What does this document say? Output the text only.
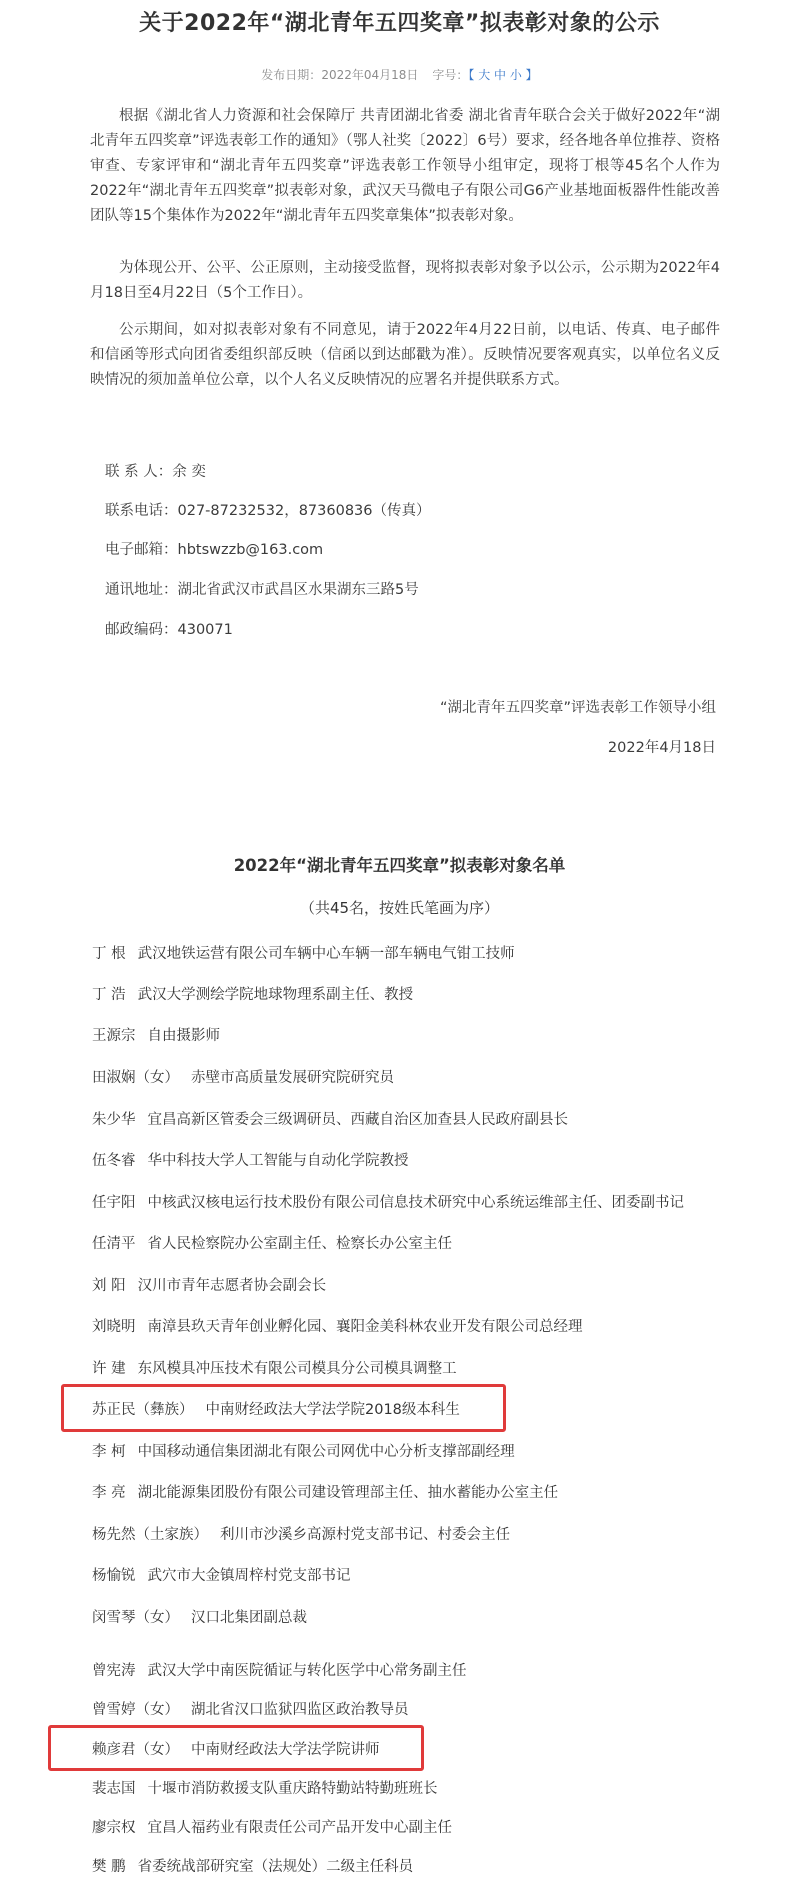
关于2022年“湖北青年五四奖章”拟表彰对象的公示
发布日期：2022年04月18日 字号：【 大 中 小 】

根据《湖北省人力资源和社会保障厅 共青团湖北省委 湖北省青年联合会关于做好2022年“湖北青年五四奖章”评选表彰工作的通知》（鄂人社奖〔2022〕6号）要求，经各地各单位推荐、资格审查、专家评审和“湖北青年五四奖章”评选表彰工作领导小组审定，现将丁根等45名个人作为2022年“湖北青年五四奖章”拟表彰对象，武汉天马微电子有限公司G6产业基地面板器件性能改善团队等15个集体作为2022年“湖北青年五四奖章集体”拟表彰对象。

为体现公开、公平、公正原则，主动接受监督，现将拟表彰对象予以公示，公示期为2022年4月18日至4月22日（5个工作日）。

公示期间，如对拟表彰对象有不同意见，请于2022年4月22日前，以电话、传真、电子邮件和信函等形式向团省委组织部反映（信函以到达邮戳为准）。反映情况要客观真实，以单位名义反映情况的须加盖单位公章，以个人名义反映情况的应署名并提供联系方式。

联 系 人：余 奕
联系电话：027-87232532，87360836（传真）
电子邮箱：hbtswzzb@163.com
通讯地址：湖北省武汉市武昌区水果湖东三路5号
邮政编码：430071
“湖北青年五四奖章”评选表彰工作领导小组
2022年4月18日
2022年“湖北青年五四奖章”拟表彰对象名单
（共45名，按姓氏笔画为序）
丁 根 武汉地铁运营有限公司车辆中心车辆一部车辆电气钳工技师
丁 浩 武汉大学测绘学院地球物理系副主任、教授
王源宗 自由摄影师
田淑娴（女） 赤壁市高质量发展研究院研究员
朱少华 宜昌高新区管委会三级调研员、西藏自治区加查县人民政府副县长
伍冬睿 华中科技大学人工智能与自动化学院教授
任宇阳 中核武汉核电运行技术股份有限公司信息技术研究中心系统运维部主任、团委副书记
任清平 省人民检察院办公室副主任、检察长办公室主任
刘 阳 汉川市青年志愿者协会副会长
刘晓明 南漳县玖天青年创业孵化园、襄阳金美科林农业开发有限公司总经理
许 建 东风模具冲压技术有限公司模具分公司模具调整工
苏正民（彝族） 中南财经政法大学法学院2018级本科生
李 柯 中国移动通信集团湖北有限公司网优中心分析支撑部副经理
李 亮 湖北能源集团股份有限公司建设管理部主任、抽水蓄能办公室主任
杨先然（土家族） 利川市沙溪乡高源村党支部书记、村委会主任
杨愉锐 武穴市大金镇周梓村党支部书记
闵雪琴（女） 汉口北集团副总裁
曾宪涛 武汉大学中南医院循证与转化医学中心常务副主任
曾雪婷（女） 湖北省汉口监狱四监区政治教导员
赖彦君（女） 中南财经政法大学法学院讲师
裴志国 十堰市消防救援支队重庆路特勤站特勤班班长
廖宗权 宜昌人福药业有限责任公司产品开发中心副主任
樊 鹏 省委统战部研究室（法规处）二级主任科员
